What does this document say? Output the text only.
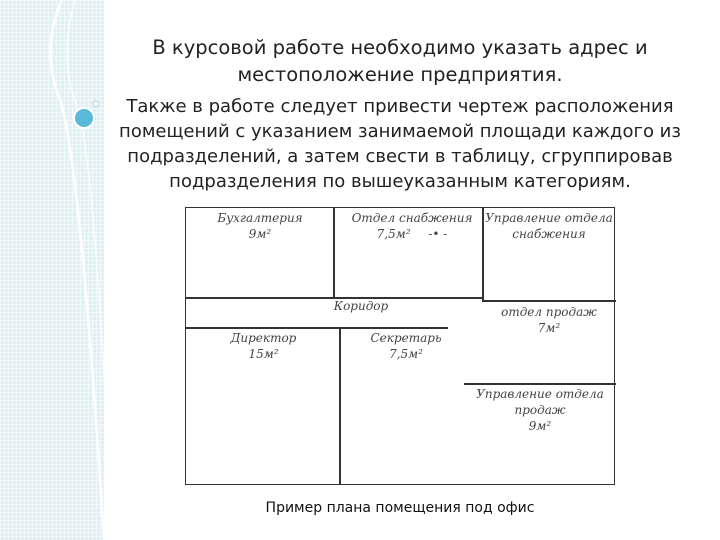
В курсовой работе необходимо указать адрес и
местоположение предприятия.
Также в работе следует привести чертеж расположения
помещений с указанием занимаемой площади каждого из
подразделений, а затем свести в таблицу, сгруппировав
подразделения по вышеуказанным категориям.
Бухгалтерия
9м²
Отдел снабжения
7,5м² -• -
Управление отдела
снабжения
Коридор	отдел продаж
7м²
Директор
15м²
Секретарь
7,5м²
Управление отдела
продаж
9м²
Пример плана помещения под офис
